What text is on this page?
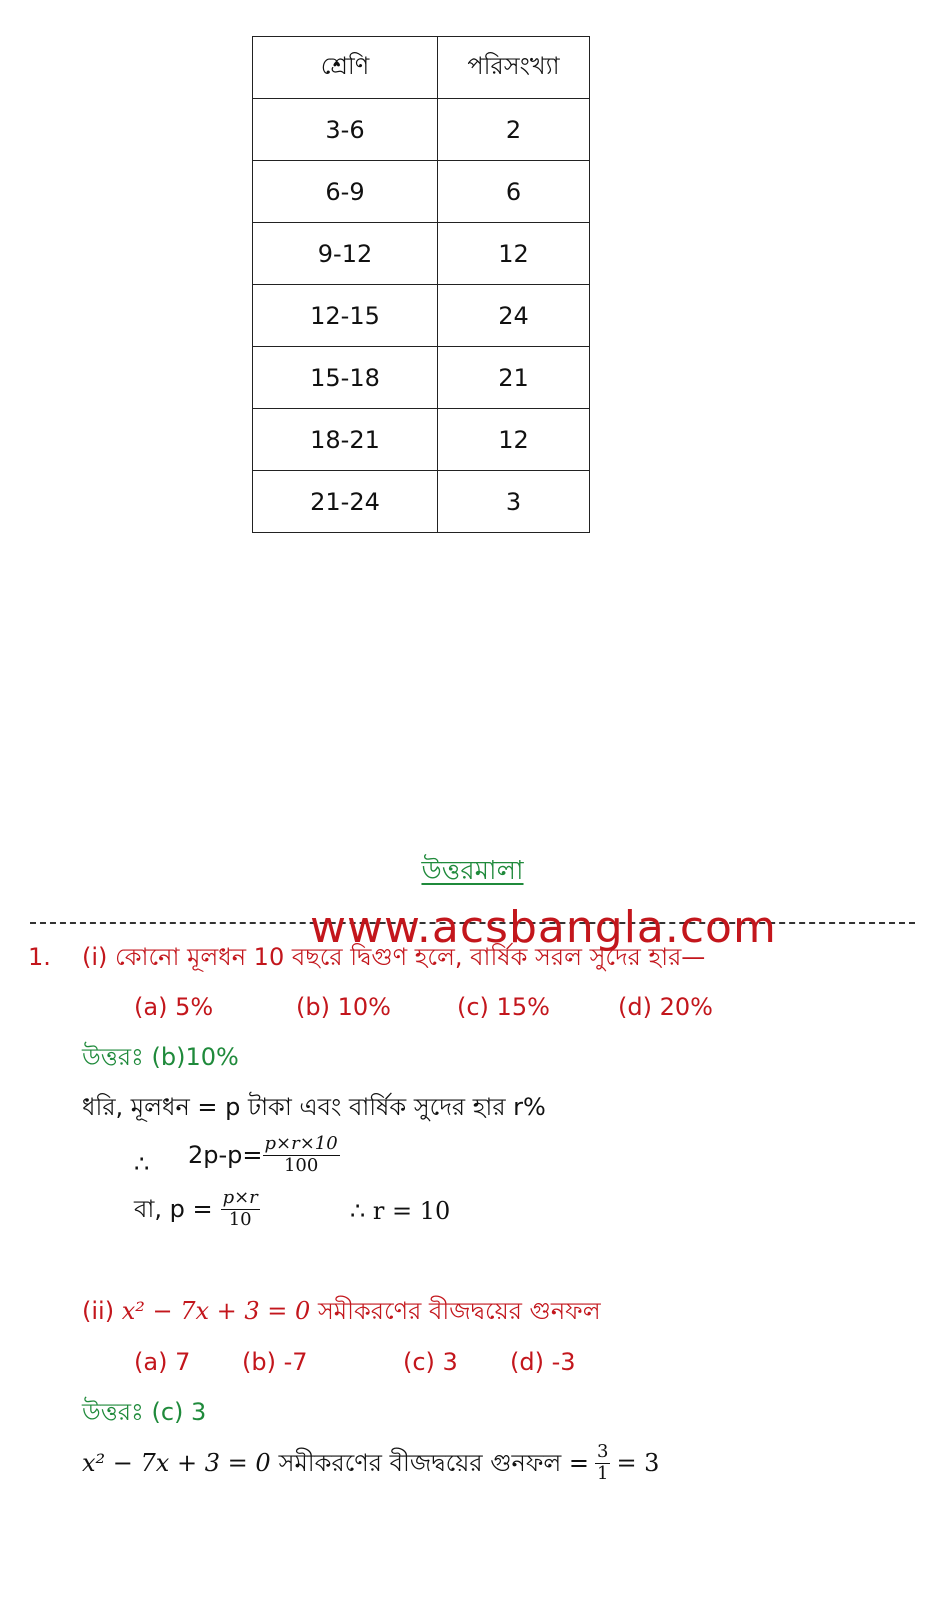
শ্রেণি	পরিসংখ্যা
3-6	2
6-9	6
9-12	12
12-15	24
15-18	21
18-21	12
21-24	3
উত্তরমালা
www.acsbangla.com
1. (i) কোনো মূলধন 10 বছরে দ্বিগুণ হলে, বার্ষিক সরল সুদের হার—
(a) 5%	(b) 10%	(c) 15%	(d) 20%
উত্তরঃ (b)10%
ধরি, মূলধন = p টাকা এবং বার্ষিক সুদের হার r%
∴ $2p-p= \frac{p\times r\times 10}{100}$
বা, $p = \frac{p\times r}{10}$	∴ r = 10
(ii) x² − 7x + 3 = 0 সমীকরণের বীজদ্বয়ের গুনফল
(a) 7 (b) -7	(c) 3 (d) -3
উত্তরঃ (c) 3
x² − 7x + 3 = 0 সমীকরণের বীজদ্বয়ের গুনফল = $\frac{3}{1} = 3$
